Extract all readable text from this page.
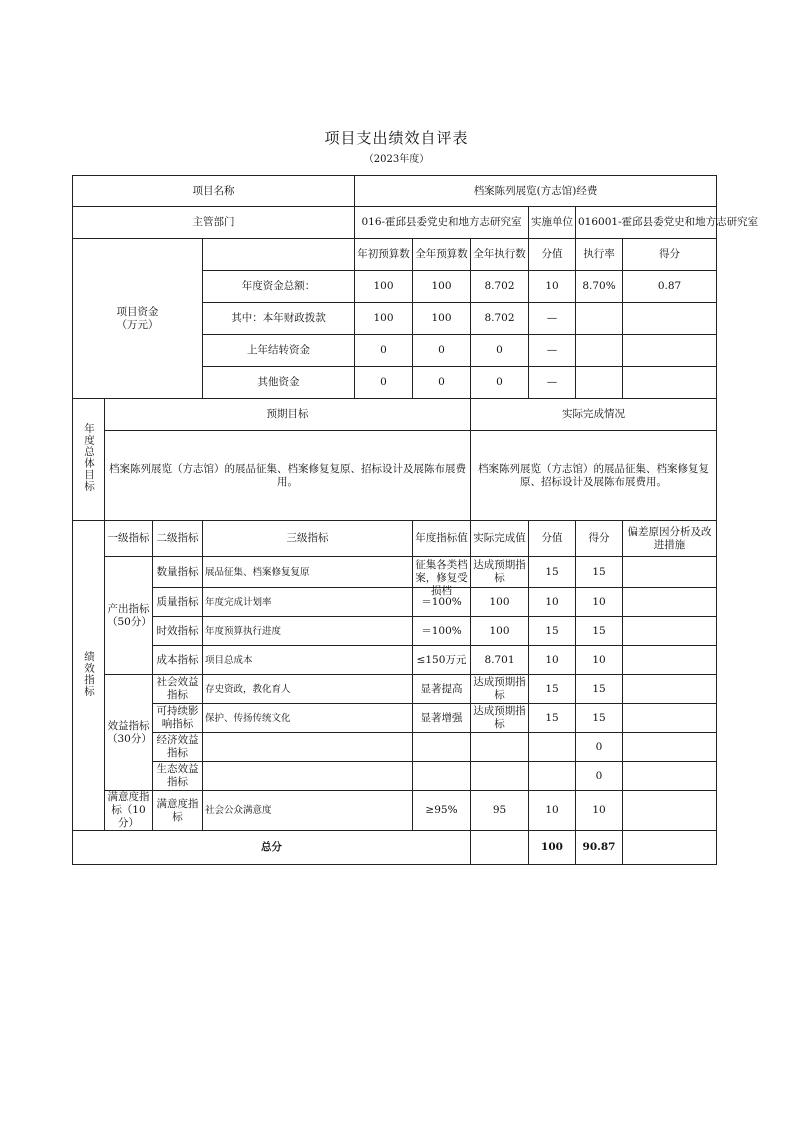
项目支出绩效自评表
（2023年度）
项目名称				档案陈列展览(方志馆)经费					
主管部门				016-霍邱县委党史和地方志研究室			实施单位	016001-霍邱县委党史和地方志研究室	
项目资金
（万元）				年初预算数	全年预算数	全年执行数	分值	执行率	得分
			年度资金总额：	100	100	8.702	10	8.70%	0.87
			其中：本年财政拨款	100	100	8.702	—		
			上年结转资金	0	0	0	—		
			其他资金	0	0	0	—		
年度总体目标	预期目标					实际完成情况			
	档案陈列展览（方志馆）的展品征集、档案修复复原、招标设计及展陈布展费用。					档案陈列展览（方志馆）的展品征集、档案修复复原、招标设计及展陈布展费用。			
绩效指标	一级指标	二级指标	三级指标		年度指标值	实际完成值	分值	得分	偏差原因分析及改进措施
	产出指标
（50分）	数量指标	展品征集、档案修复复原		征集各类档案，修复受损档	达成预期指标	15	15	
		质量指标	年度完成计划率		＝100%	100	10	10	
		时效指标	年度预算执行进度		＝100%	100	15	15	
		成本指标	项目总成本		≤150万元	8.701	10	10	
	效益指标
（30分）	社会效益指标	存史资政，教化育人		显著提高	达成预期指标	15	15	

		可持续影响指标	保护、传扬传统文化		显著增强	达成预期指标	15	15	
		经济效益指标						0	
		生态效益指标						0	
	满意度指标（10分）	满意度指标	社会公众满意度		≥95%	95	10	10	
总分							100	90.87	
